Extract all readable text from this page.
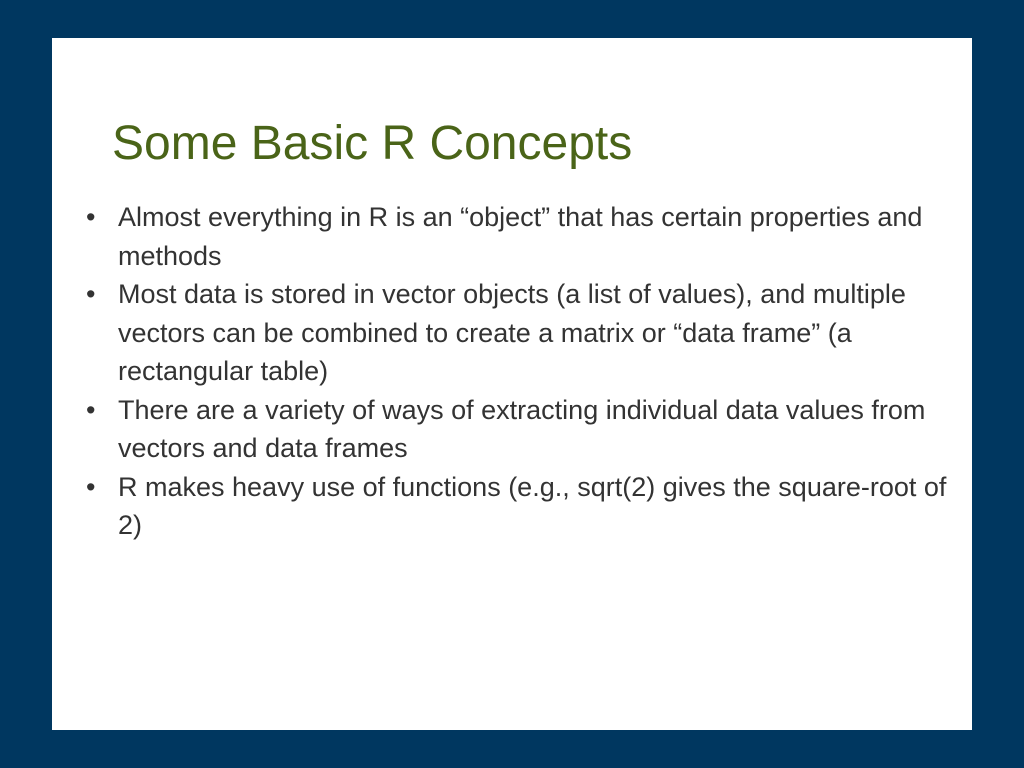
Some Basic R Concepts
• Almost everything in R is an “object” that has certain properties and methods
• Most data is stored in vector objects (a list of values), and multiple vectors can be combined to create a matrix or “data frame” (a rectangular table)
• There are a variety of ways of extracting individual data values from vectors and data frames
• R makes heavy use of functions (e.g., sqrt(2) gives the square-root of 2)
